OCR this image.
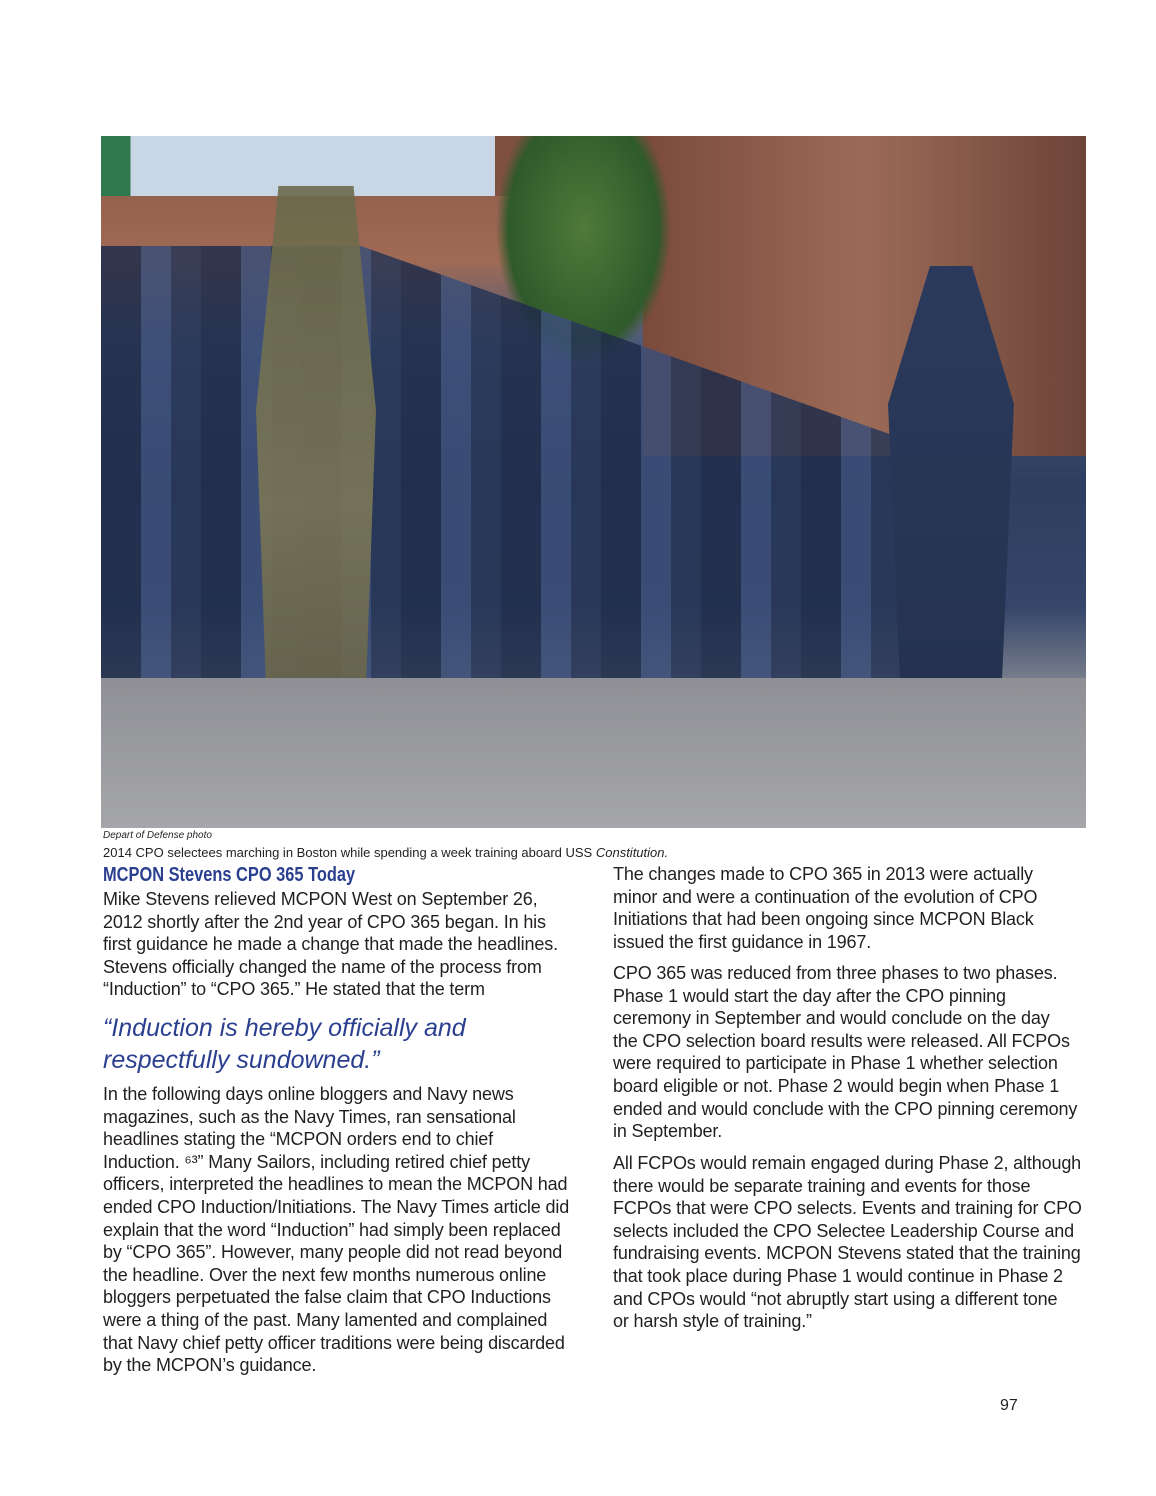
Depart of Defense photo
2014 CPO selectees marching in Boston while spending a week training aboard USS Constitution.
MCPON Stevens CPO 365 Today
Mike Stevens relieved MCPON West on September 26,
2012 shortly after the 2nd year of CPO 365 began. In his
first guidance he made a change that made the headlines.
Stevens officially changed the name of the process from
“Induction” to “CPO 365.” He stated that the term
“Induction is hereby officially and
respectfully sundowned.”
In the following days online bloggers and Navy news
magazines, such as the Navy Times, ran sensational
headlines stating the “MCPON orders end to chief
Induction. ⁶³” Many Sailors, including retired chief petty
officers, interpreted the headlines to mean the MCPON had
ended CPO Induction/Initiations. The Navy Times article did
explain that the word “Induction” had simply been replaced
by “CPO 365”. However, many people did not read beyond
the headline. Over the next few months numerous online
bloggers perpetuated the false claim that CPO Inductions
were a thing of the past. Many lamented and complained
that Navy chief petty officer traditions were being discarded
by the MCPON’s guidance.
The changes made to CPO 365 in 2013 were actually
minor and were a continuation of the evolution of CPO
Initiations that had been ongoing since MCPON Black
issued the first guidance in 1967.
CPO 365 was reduced from three phases to two phases.
Phase 1 would start the day after the CPO pinning
ceremony in September and would conclude on the day
the CPO selection board results were released. All FCPOs
were required to participate in Phase 1 whether selection
board eligible or not. Phase 2 would begin when Phase 1
ended and would conclude with the CPO pinning ceremony
in September.
All FCPOs would remain engaged during Phase 2, although
there would be separate training and events for those
FCPOs that were CPO selects. Events and training for CPO
selects included the CPO Selectee Leadership Course and
fundraising events. MCPON Stevens stated that the training
that took place during Phase 1 would continue in Phase 2
and CPOs would “not abruptly start using a different tone
or harsh style of training.”
97
